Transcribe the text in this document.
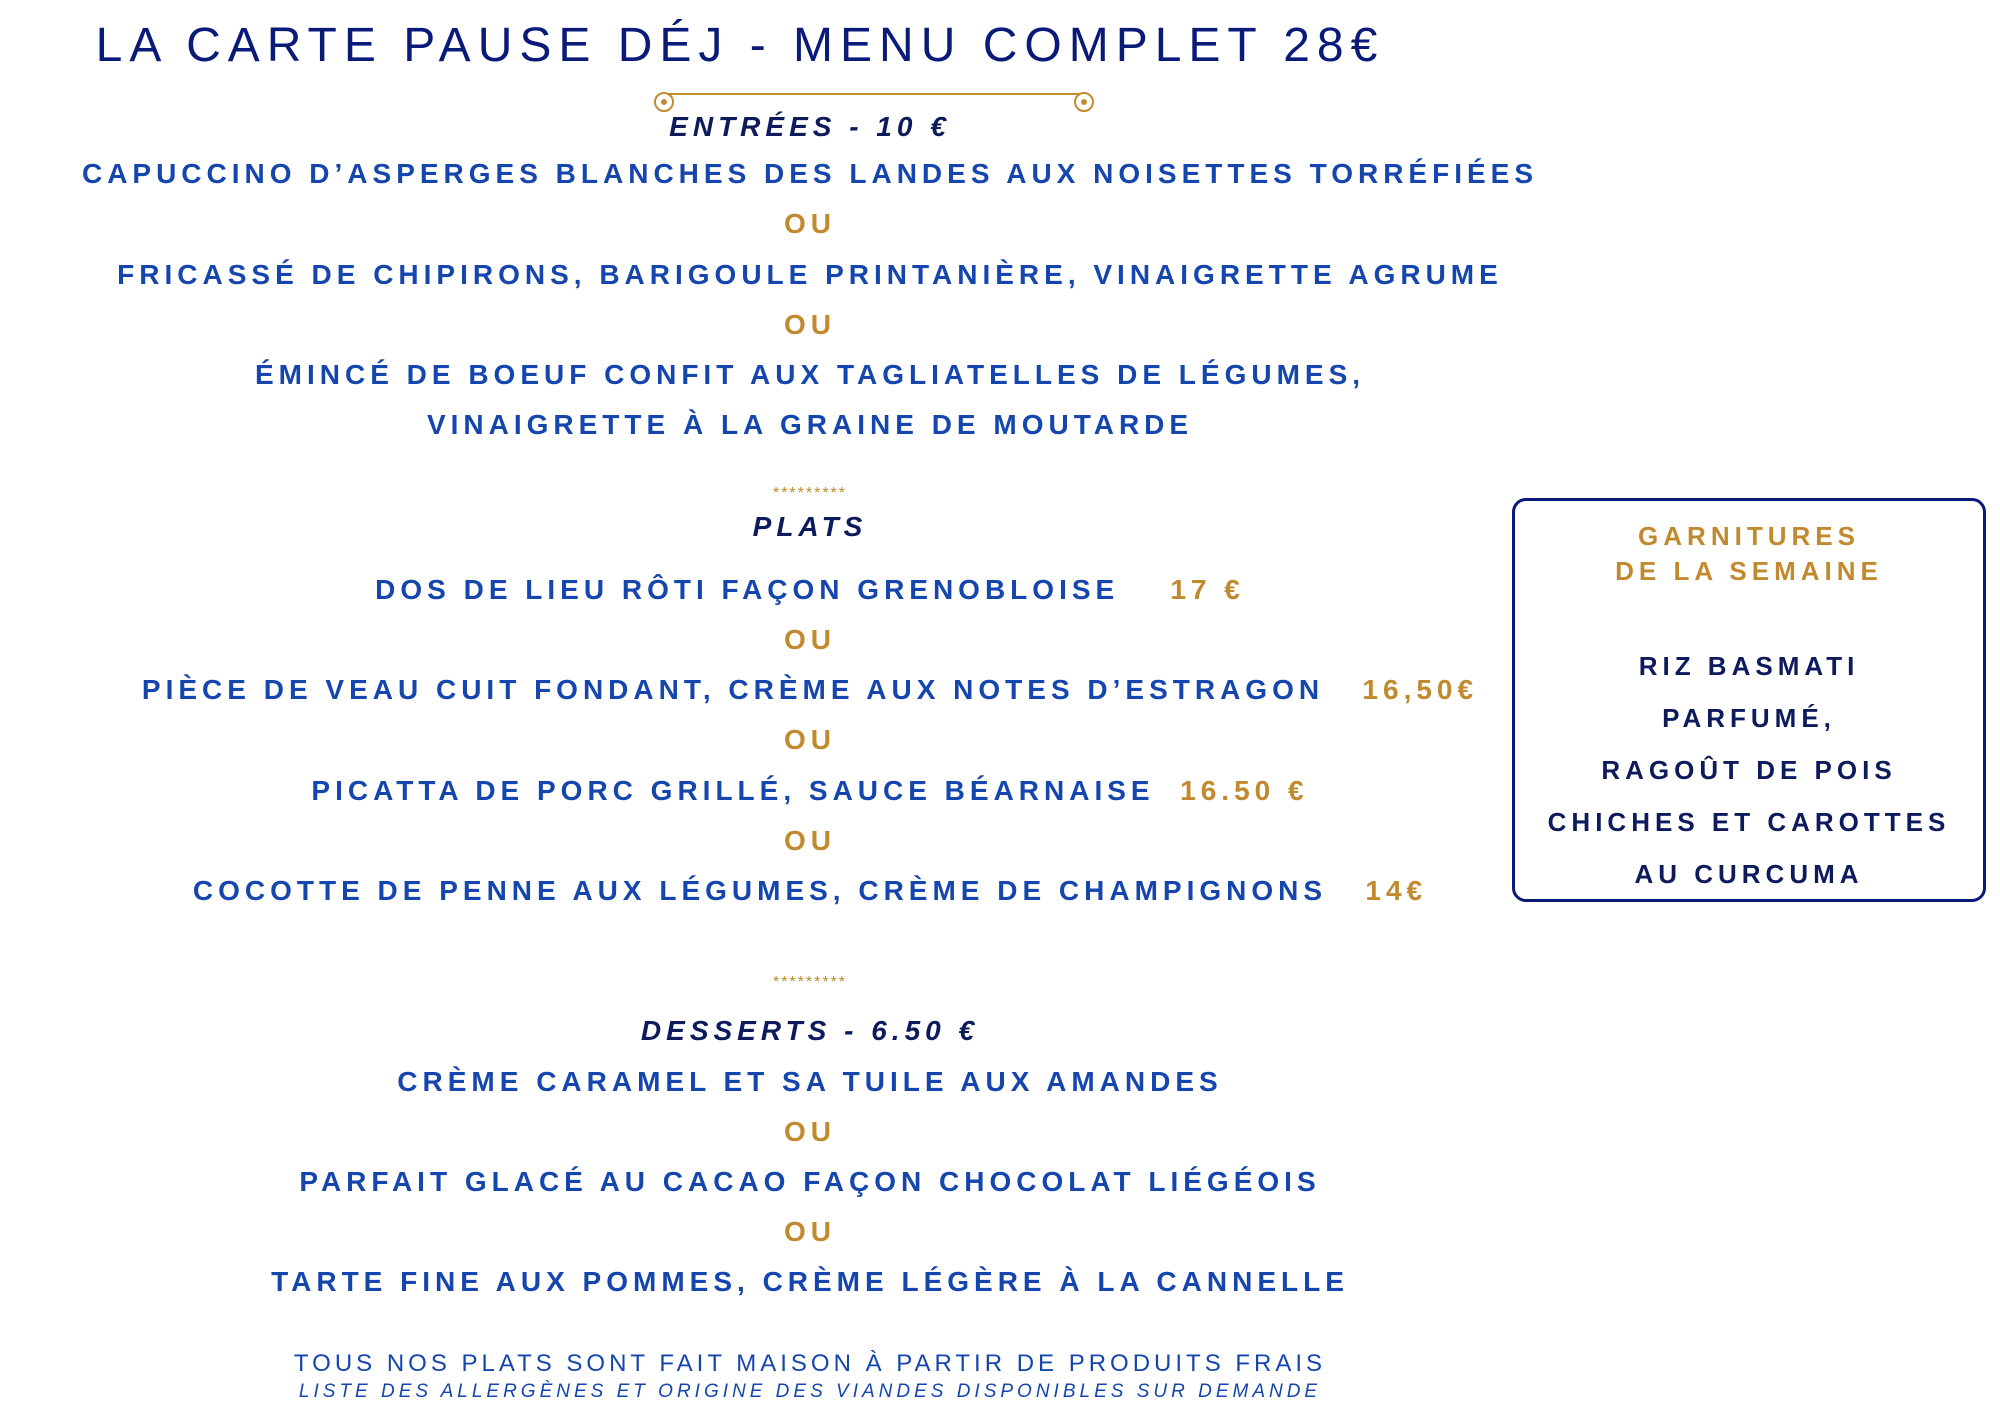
LA CARTE PAUSE DÉJ - MENU COMPLET 28€
ENTRÉES - 10 €
CAPUCCINO D’ASPERGES BLANCHES DES LANDES AUX NOISETTES TORRÉFIÉES
OU
FRICASSÉ DE CHIPIRONS, BARIGOULE PRINTANIÈRE, VINAIGRETTE AGRUME
OU
ÉMINCÉ DE BOEUF CONFIT AUX TAGLIATELLES DE LÉGUMES,
VINAIGRETTE À LA GRAINE DE MOUTARDE
*********
PLATS
DOS DE LIEU RÔTI FAÇON GRENOBLOISE 17 €
OU
PIÈCE DE VEAU CUIT FONDANT, CRÈME AUX NOTES D’ESTRAGON 16,50€
OU
PICATTA DE PORC GRILLÉ, SAUCE BÉARNAISE 16.50 €
OU
COCOTTE DE PENNE AUX LÉGUMES, CRÈME DE CHAMPIGNONS 14€
*********
DESSERTS - 6.50 €
CRÈME CARAMEL ET SA TUILE AUX AMANDES
OU
PARFAIT GLACÉ AU CACAO FAÇON CHOCOLAT LIÉGÉOIS
OU
TARTE FINE AUX POMMES, CRÈME LÉGÈRE À LA CANNELLE
TOUS NOS PLATS SONT FAIT MAISON À PARTIR DE PRODUITS FRAIS
LISTE DES ALLERGÈNES ET ORIGINE DES VIANDES DISPONIBLES SUR DEMANDE
GARNITURES
DE LA SEMAINE
RIZ BASMATI
PARFUMÉ,
RAGOÛT DE POIS
CHICHES ET CAROTTES
AU CURCUMA
